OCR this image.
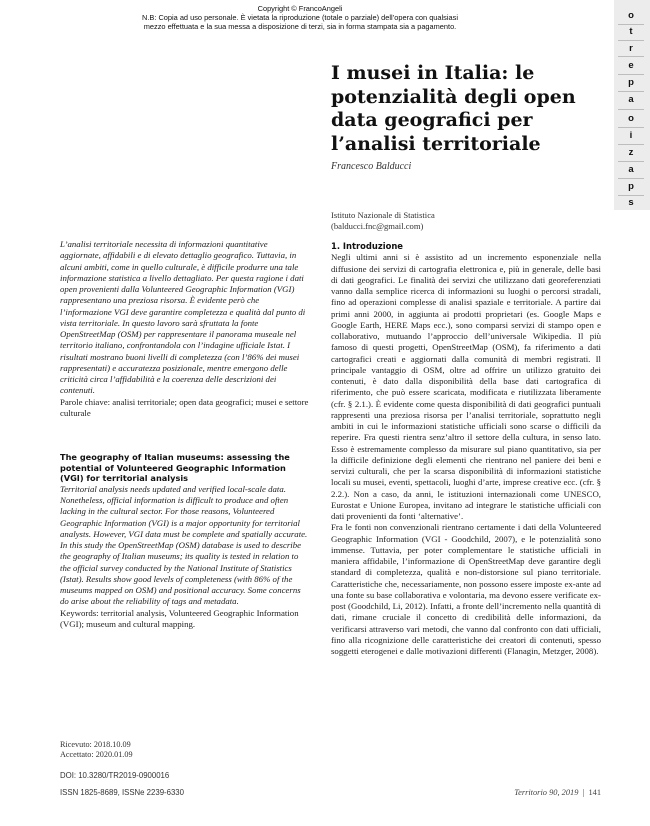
Copyright © FrancoAngeli
N.B: Copia ad uso personale. È vietata la riproduzione (totale o parziale) dell’opera con qualsiasi
mezzo effettuata e la sua messa a disposizione di terzi, sia in forma stampata sia a pagamento.
o
t
r
e
p
a
o
i
z
a
p
s
I musei in Italia: le potenzialità degli open data geografici per l’analisi territoriale
Francesco Balducci
Istituto Nazionale di Statistica
(balducci.fnc@gmail.com)
L’analisi territoriale necessita di informazioni quantitative aggiornate, affidabili e di elevato dettaglio geografico. Tuttavia, in alcuni ambiti, come in quello culturale, è difficile produrre una tale informazione statistica a livello dettagliato. Per questa ragione i dati open provenienti dalla Volunteered Geographic Information (VGI) rappresentano una preziosa risorsa. È evidente però che l’informazione VGI deve garantire completezza e qualità dal punto di vista territoriale. In questo lavoro sarà sfruttata la fonte OpenStreetMap (OSM) per rappresentare il panorama museale nel territorio italiano, confrontandola con l’indagine ufficiale Istat. I risultati mostrano buoni livelli di completezza (con l’86% dei musei rappresentati) e accuratezza posizionale, mentre emergono delle criticità circa l’affidabilità e la coerenza delle descrizioni dei contenuti.
Parole chiave: analisi territoriale; open data geografici; musei e settore culturale
The geography of Italian museums: assessing the potential of Volunteered Geographic Information (VGI) for territorial analysis
Territorial analysis needs updated and verified local-scale data. Nonetheless, official information is difficult to produce and often lacking in the cultural sector. For those reasons, Volunteered Geographic Information (VGI) is a major opportunity for territorial analysts. However, VGI data must be complete and spatially accurate. In this study the OpenStreetMap (OSM) database is used to describe the geography of Italian museums; its quality is tested in relation to the official survey conducted by the National Institute of Statistics (Istat). Results show good levels of completeness (with 86% of the museums mapped on OSM) and positional accuracy. Some concerns do arise about the reliability of tags and metadata.
Keywords: territorial analysis, Volunteered Geographic Information (VGI); museum and cultural mapping.
Ricevuto: 2018.10.09
Accettato: 2020.01.09
DOI: 10.3280/TR2019-0900016
ISSN 1825-8689, ISSNe 2239-6330
1. Introduzione

Negli ultimi anni si è assistito ad un incremento esponenziale nella diffusione dei servizi di cartografia elettronica e, più in generale, delle basi di dati geografici. Le finalità dei servizi che utilizzano dati georeferenziati vanno dalla semplice ricerca di informazioni su luoghi o percorsi stradali, fino ad operazioni complesse di analisi spaziale e territoriale. A partire dai primi anni 2000, in aggiunta ai prodotti proprietari (es. Google Maps e Google Earth, HERE Maps ecc.), sono comparsi servizi di stampo open e collaborativo, mutuando l’approccio dell’universale Wikipedia. Il più famoso di questi progetti, OpenStreetMap (OSM), fa riferimento a dati cartografici creati e aggiornati dalla comunità di membri registrati. Il principale vantaggio di OSM, oltre ad offrire un utilizzo gratuito dei contenuti, è dato dalla disponibilità della base dati cartografica di riferimento, che può essere scaricata, modificata e riutilizzata liberamente (cfr. § 2.1.). È evidente come questa disponibilità di dati geografici puntuali rappresenti una preziosa risorsa per l’analisi territoriale, soprattutto negli ambiti in cui le informazioni statistiche ufficiali sono scarse o difficili da reperire. Fra questi rientra senz’altro il settore della cultura, in senso lato. Esso è estremamente complesso da misurare sul piano quantitativo, sia per la difficile definizione degli elementi che rientrano nel paniere dei beni e servizi culturali, che per la scarsa disponibilità di informazioni statistiche locali su musei, eventi, spettacoli, luoghi d’arte, imprese creative ecc. (cfr. § 2.2.). Non a caso, da anni, le istituzioni internazionali come UNESCO, Eurostat e Unione Europea, invitano ad integrare le statistiche ufficiali con dati provenienti da fonti ‘alternative’.

Fra le fonti non convenzionali rientrano certamente i dati della Volunteered Geographic Information (VGI - Goodchild, 2007), e le potenzialità sono immense. Tuttavia, per poter complementare le statistiche ufficiali in maniera affidabile, l’informazione di OpenStreetMap deve garantire degli standard di completezza, qualità e non-distorsione sul piano territoriale. Caratteristiche che, necessariamente, non possono essere imposte ex-ante ad una fonte su base collaborativa e volontaria, ma devono essere verificate ex-post (Goodchild, Li, 2012). Infatti, a fronte dell’incremento nella quantità di dati, rimane cruciale il concetto di credibilità delle informazioni, da verificarsi attraverso vari metodi, che vanno dal confronto con dati ufficiali, fino alla ricognizione delle caratteristiche dei creatori di contenuti, spesso soggetti eterogenei e dalle motivazioni differenti (Flanagin, Metzger, 2008).

Territorio 90, 2019 | 141
